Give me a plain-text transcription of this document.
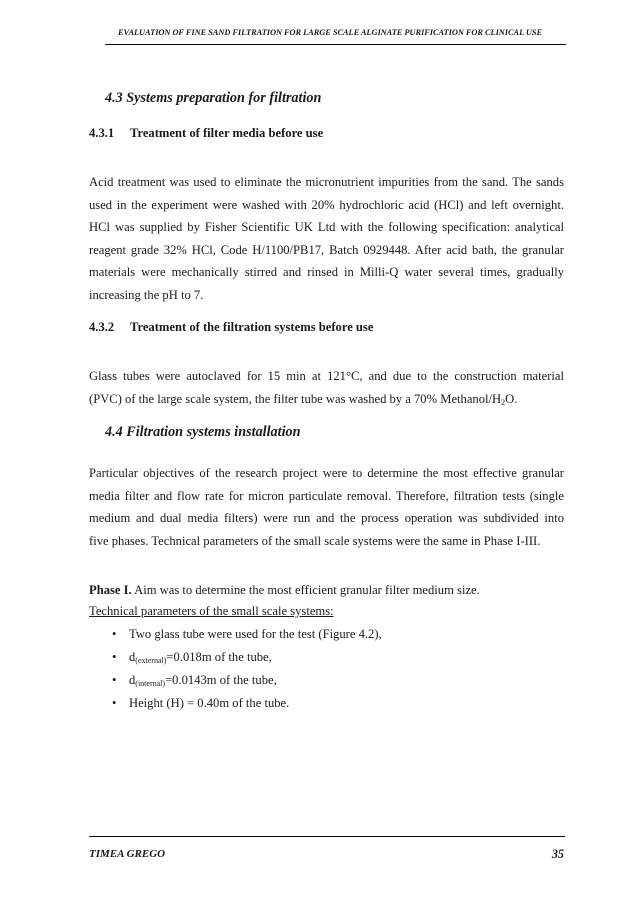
EVALUATION OF FINE SAND FILTRATION FOR LARGE SCALE ALGINATE PURIFICATION FOR CLINICAL USE
4.3 Systems preparation for filtration
4.3.1 Treatment of filter media before use
Acid treatment was used to eliminate the micronutrient impurities from the sand. The sands
used in the experiment were washed with 20% hydrochloric acid (HCl) and left overnight.
HCl was supplied by Fisher Scientific UK Ltd with the following specification: analytical
reagent grade 32% HCl, Code H/1100/PB17, Batch 0929448. After acid bath, the granular
materials were mechanically stirred and rinsed in Milli-Q water several times, gradually
increasing the pH to 7.
4.3.2 Treatment of the filtration systems before use
Glass tubes were autoclaved for 15 min at 121°C, and due to the construction material
(PVC) of the large scale system, the filter tube was washed by a 70% Methanol/$H_2O$.
4.4 Filtration systems installation
Particular objectives of the research project were to determine the most effective granular
media filter and flow rate for micron particulate removal. Therefore, filtration tests (single
medium and dual media filters) were run and the process operation was subdivided into
five phases. Technical parameters of the small scale systems were the same in Phase I-III.
Phase I. Aim was to determine the most efficient granular filter medium size.
Technical parameters of the small scale systems:
• Two glass tube were used for the test (Figure 4.2),
• $d_{(external)}=0.018m$ of the tube,
• $d_{(internal)}=0.0143m$ of the tube,
• Height (H) = 0.40m of the tube.
TIMEA GREGO	35
